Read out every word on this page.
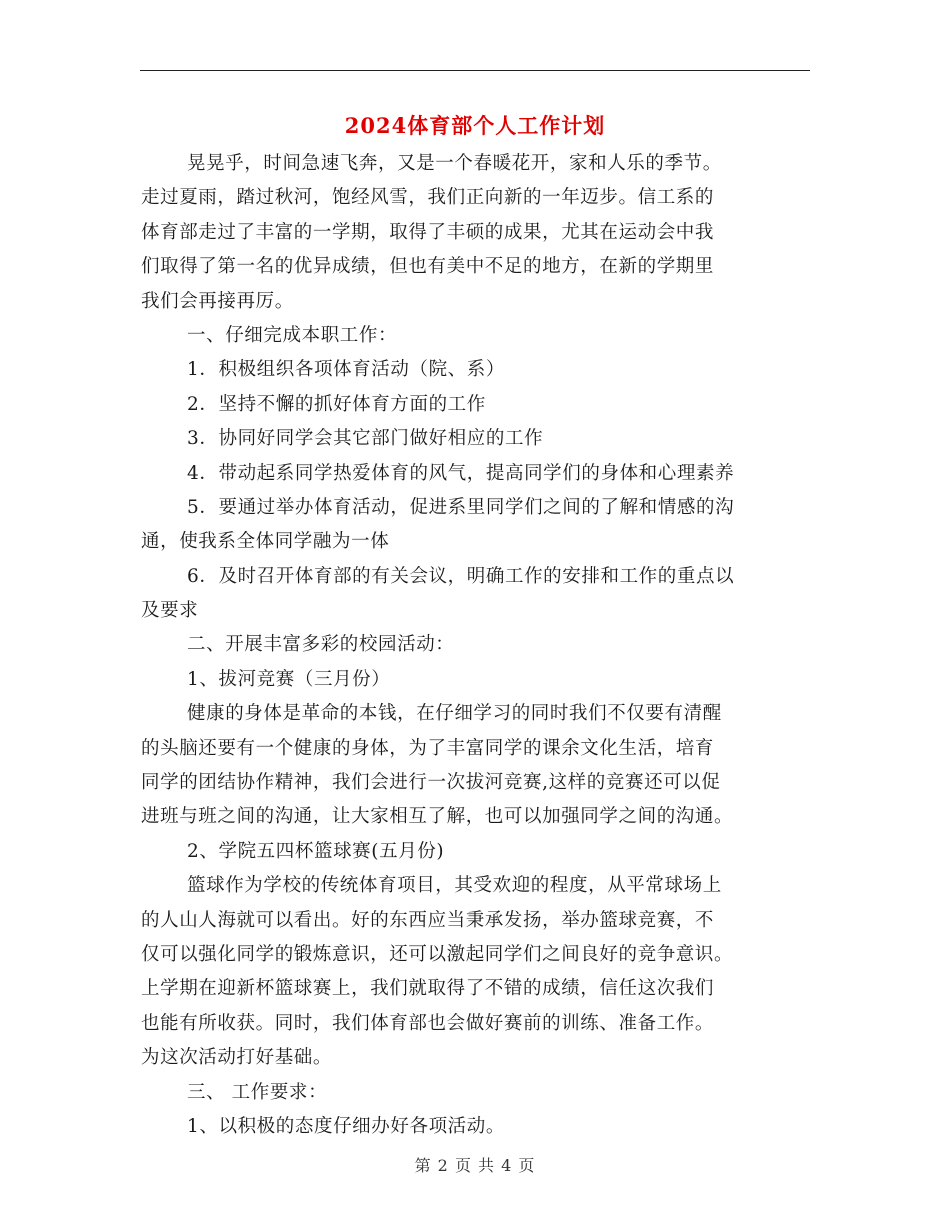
2024体育部个人工作计划
晃晃乎，时间急速飞奔，又是一个春暖花开，家和人乐的季节。
走过夏雨，踏过秋河，饱经风雪，我们正向新的一年迈步。信工系的
体育部走过了丰富的一学期，取得了丰硕的成果，尤其在运动会中我
们取得了第一名的优异成绩，但也有美中不足的地方，在新的学期里
我们会再接再厉。
一、仔细完成本职工作：
1．积极组织各项体育活动（院、系）
2．坚持不懈的抓好体育方面的工作
3．协同好同学会其它部门做好相应的工作
4．带动起系同学热爱体育的风气，提高同学们的身体和心理素养
5．要通过举办体育活动，促进系里同学们之间的了解和情感的沟
通，使我系全体同学融为一体
6．及时召开体育部的有关会议，明确工作的安排和工作的重点以
及要求
二、开展丰富多彩的校园活动：
1、拔河竞赛（三月份）
健康的身体是革命的本钱，在仔细学习的同时我们不仅要有清醒
的头脑还要有一个健康的身体，为了丰富同学的课余文化生活，培育
同学的团结协作精神，我们会进行一次拔河竞赛,这样的竞赛还可以促
进班与班之间的沟通，让大家相互了解，也可以加强同学之间的沟通。
2、学院五四杯篮球赛(五月份)
篮球作为学校的传统体育项目，其受欢迎的程度，从平常球场上
的人山人海就可以看出。好的东西应当秉承发扬，举办篮球竞赛，不
仅可以强化同学的锻炼意识，还可以激起同学们之间良好的竞争意识。
上学期在迎新杯篮球赛上，我们就取得了不错的成绩，信任这次我们
也能有所收获。同时，我们体育部也会做好赛前的训练、准备工作。
为这次活动打好基础。
三、 工作要求：
1、以积极的态度仔细办好各项活动。
第 2 页 共 4 页
